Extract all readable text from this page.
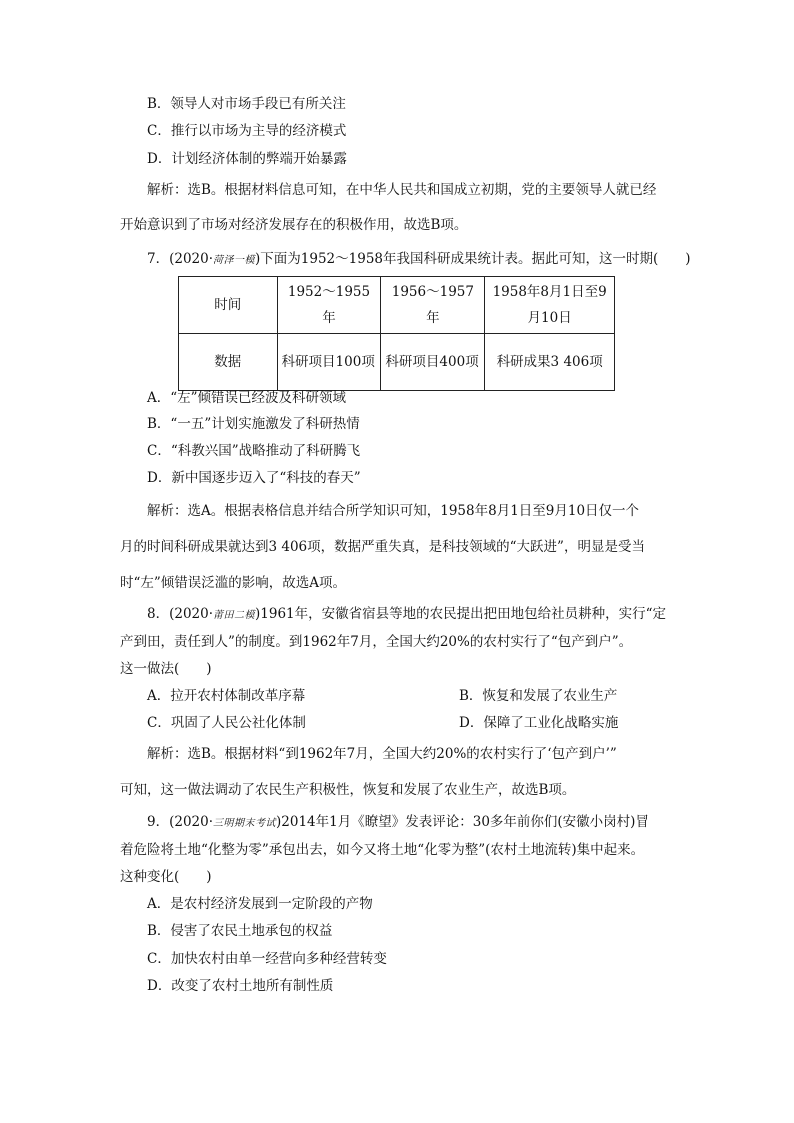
B．领导人对市场手段已有所关注
C．推行以市场为主导的经济模式
D．计划经济体制的弊端开始暴露
解析：选B。根据材料信息可知，在中华人民共和国成立初期，党的主要领导人就已经
开始意识到了市场对经济发展存在的积极作用，故选B项。
7．(2020·菏泽一模)下面为1952～1958年我国科研成果统计表。据此可知，这一时期(　　)
时间	1952～1955年	1956～1957年	1958年8月1日至9月10日
数据	科研项目100项	科研项目400项	科研成果3 406项
A．“左”倾错误已经波及科研领域
B．“一五”计划实施激发了科研热情
C．“科教兴国”战略推动了科研腾飞
D．新中国逐步迈入了“科技的春天”
解析：选A。根据表格信息并结合所学知识可知，1958年8月1日至9月10日仅一个
月的时间科研成果就达到3 406项，数据严重失真，是科技领域的“大跃进”，明显是受当
时“左”倾错误泛滥的影响，故选A项。
8．(2020·莆田二模)1961年，安徽省宿县等地的农民提出把田地包给社员耕种，实行“定
产到田，责任到人”的制度。到1962年7月，全国大约20%的农村实行了“包产到户”。
这一做法(　　)
A．拉开农村体制改革序幕	B．恢复和发展了农业生产
C．巩固了人民公社化体制	D．保障了工业化战略实施
解析：选B。根据材料“到1962年7月，全国大约20%的农村实行了‘包产到户’”
可知，这一做法调动了农民生产积极性，恢复和发展了农业生产，故选B项。
9．(2020·三明期末考试)2014年1月《瞭望》发表评论：30多年前你们(安徽小岗村)冒
着危险将土地“化整为零”承包出去，如今又将土地“化零为整”(农村土地流转)集中起来。
这种变化(　　)
A．是农村经济发展到一定阶段的产物
B．侵害了农民土地承包的权益
C．加快农村由单一经营向多种经营转变
D．改变了农村土地所有制性质
